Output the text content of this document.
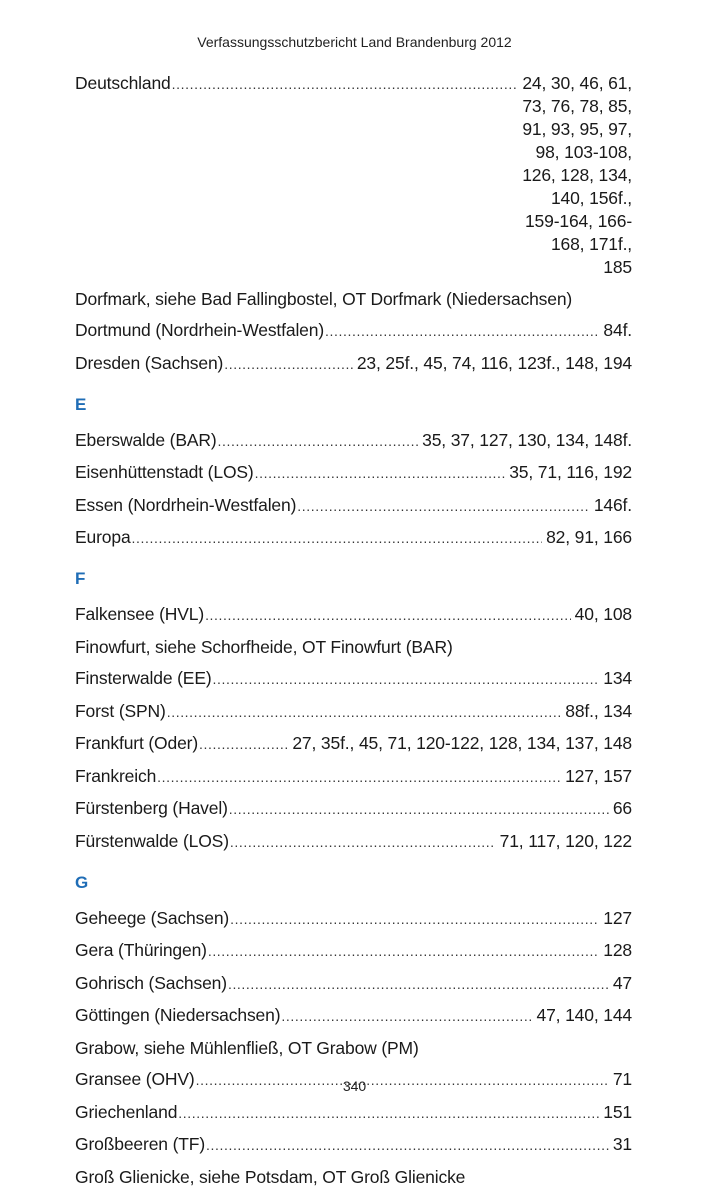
Verfassungsschutzbericht Land Brandenburg 2012
Deutschland .....	24, 30, 46, 61, 73, 76, 78, 85, 91, 93, 95, 97,
98, 103-108, 126, 128, 134, 140, 156f.,
159-164, 166-168, 171f., 185
Dorfmark, siehe Bad Fallingbostel, OT Dorfmark (Niedersachsen)
Dortmund (Nordrhein-Westfalen) .....	84f.
Dresden (Sachsen) .....	23, 25f., 45, 74, 116, 123f., 148, 194
E
Eberswalde (BAR) .....	35, 37, 127, 130, 134, 148f.
Eisenhüttenstadt (LOS) .....	35, 71, 116, 192
Essen (Nordrhein-Westfalen) .....	146f.
Europa .....	82, 91, 166
F
Falkensee (HVL) .....	40, 108
Finowfurt, siehe Schorfheide, OT Finowfurt (BAR)
Finsterwalde (EE) .....	134
Forst (SPN) .....	88f., 134
Frankfurt (Oder) .....	27, 35f., 45, 71, 120-122, 128, 134, 137, 148
Frankreich .....	127, 157
Fürstenberg (Havel) .....	66
Fürstenwalde (LOS) .....	71, 117, 120, 122
G
Geheege (Sachsen) .....	127
Gera (Thüringen) .....	128
Gohrisch (Sachsen) .....	47
Göttingen (Niedersachsen) .....	47, 140, 144
Grabow, siehe Mühlenfließ, OT Grabow (PM)
Gransee (OHV) .....	71
Griechenland .....	151
Großbeeren (TF) .....	31
Groß Glienicke, siehe Potsdam, OT Groß Glienicke
340
